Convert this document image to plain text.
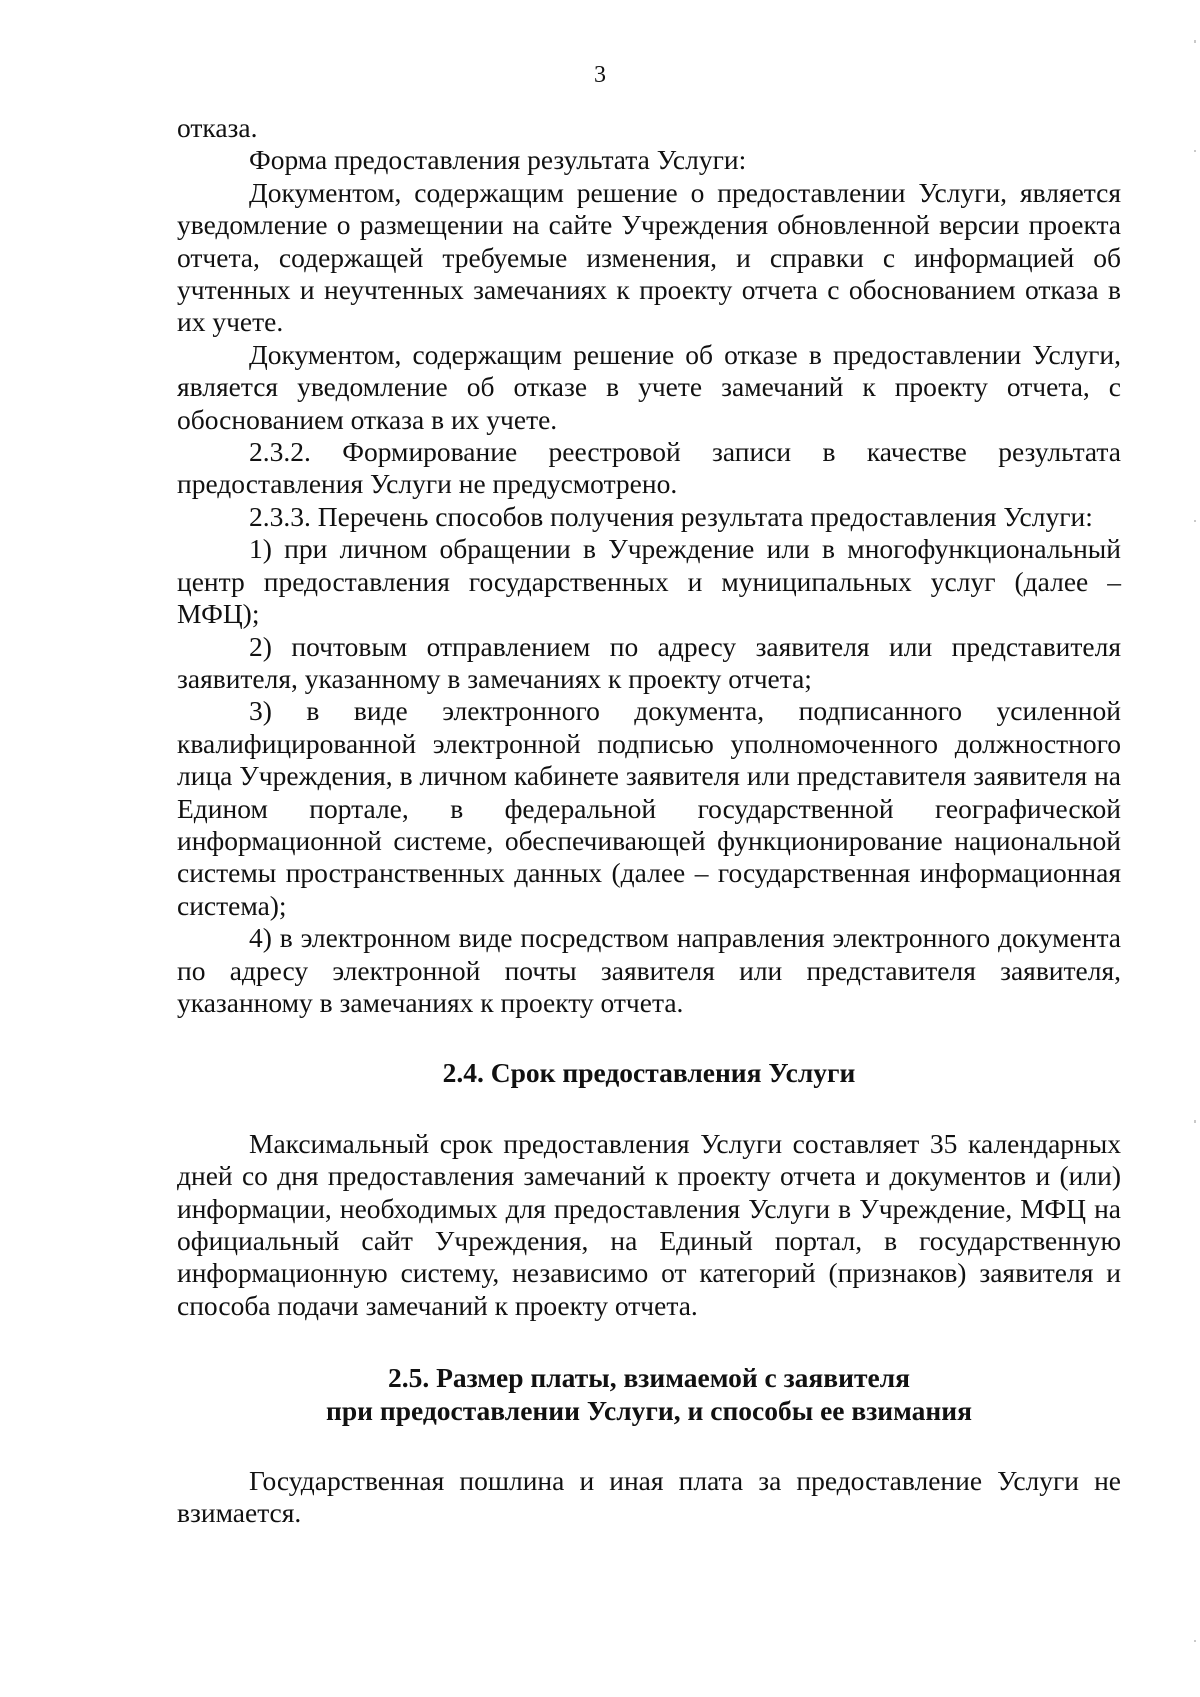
3

отказа.

Форма предоставления результата Услуги:

Документом, содержащим решение о предоставлении Услуги, является уведомление о размещении на сайте Учреждения обновленной версии проекта отчета, содержащей требуемые изменения, и справки с информацией об учтенных и неучтенных замечаниях к проекту отчета с обоснованием отказа в их учете.

Документом, содержащим решение об отказе в предоставлении Услуги, является уведомление об отказе в учете замечаний к проекту отчета, с обоснованием отказа в их учете.

2.3.2. Формирование реестровой записи в качестве результата предоставления Услуги не предусмотрено.

2.3.3. Перечень способов получения результата предоставления Услуги:

1) при личном обращении в Учреждение или в многофункциональный центр предоставления государственных и муниципальных услуг (далее – МФЦ);

2) почтовым отправлением по адресу заявителя или представителя заявителя, указанному в замечаниях к проекту отчета;

3) в виде электронного документа, подписанного усиленной квалифицированной электронной подписью уполномоченного должностного лица Учреждения, в личном кабинете заявителя или представителя заявителя на Едином портале, в федеральной государственной географической информационной системе, обеспечивающей функционирование национальной системы пространственных данных (далее – государственная информационная система);

4) в электронном виде посредством направления электронного документа по адресу электронной почты заявителя или представителя заявителя, указанному в замечаниях к проекту отчета.

2.4. Срок предоставления Услуги

Максимальный срок предоставления Услуги составляет 35 календарных дней со дня предоставления замечаний к проекту отчета и документов и (или) информации, необходимых для предоставления Услуги в Учреждение, МФЦ на официальный сайт Учреждения, на Единый портал, в государственную информационную систему, независимо от категорий (признаков) заявителя и способа подачи замечаний к проекту отчета.

2.5. Размер платы, взимаемой с заявителя
при предоставлении Услуги, и способы ее взимания

Государственная пошлина и иная плата за предоставление Услуги не взимается.
